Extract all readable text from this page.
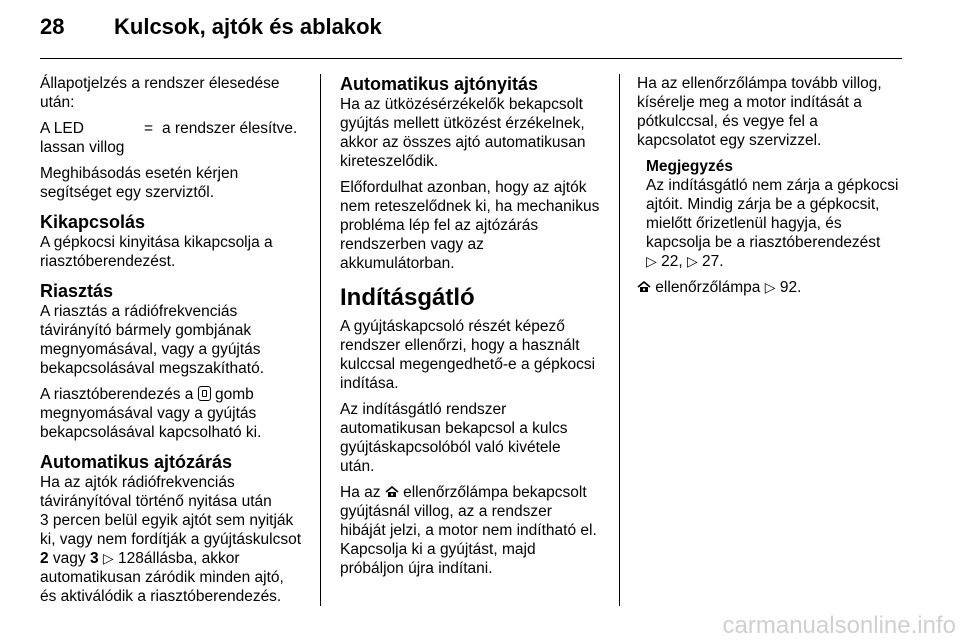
28 Kulcsok, ajtók és ablakok

Állapotjelzés a rendszer élesedése
után:

A LED
lassan villog
= a rendszer élesítve.

Meghibásodás esetén kérjen
segítséget egy szerviztől.

Kikapcsolás

A gépkocsi kinyitása kikapcsolja a
riasztóberendezést.

Riasztás

A riasztás a rádiófrekvenciás
távirányító bármely gombjának
megnyomásával, vagy a gyújtás
bekapcsolásával megszakítható.

A riasztóberendezés a  gomb
megnyomásával vagy a gyújtás
bekapcsolásával kapcsolható ki.

Automatikus ajtózárás

Ha az ajtók rádiófrekvenciás
távirányítóval történő nyitása után
3 percen belül egyik ajtót sem nyitják
ki, vagy nem fordítják a gyújtáskulcsot
2 vagy 3 ▷ 128állásba, akkor
automatikusan záródik minden ajtó,
és aktiválódik a riasztóberendezés.

Automatikus ajtónyitás

Ha az ütközésérzékelők bekapcsolt
gyújtás mellett ütközést érzékelnek,
akkor az összes ajtó automatikusan
kireteszelődik.

Előfordulhat azonban, hogy az ajtók
nem reteszelődnek ki, ha mechanikus
probléma lép fel az ajtózárás
rendszerben vagy az
akkumulátorban.

Indításgátló

A gyújtáskapcsoló részét képező
rendszer ellenőrzi, hogy a használt
kulccsal megengedhető-e a gépkocsi
indítása.

Az indításgátló rendszer
automatikusan bekapcsol a kulcs
gyújtáskapcsolóból való kivétele
után.

Ha az  ellenőrzőlámpa bekapcsolt
gyújtásnál villog, az a rendszer
hibáját jelzi, a motor nem indítható el.
Kapcsolja ki a gyújtást, majd
próbáljon újra indítani.

Ha az ellenőrzőlámpa tovább villog,
kísérelje meg a motor indítását a
pótkulccsal, és vegye fel a
kapcsolatot egy szervizzel.

Megjegyzés

Az indításgátló nem zárja a gépkocsi
ajtóit. Mindig zárja be a gépkocsit,
mielőtt őrizetlenül hagyja, és
kapcsolja be a riasztóberendezést
▷ 22, ▷ 27.

ellenőrzőlámpa ▷ 92.

carmanualsonline.info
